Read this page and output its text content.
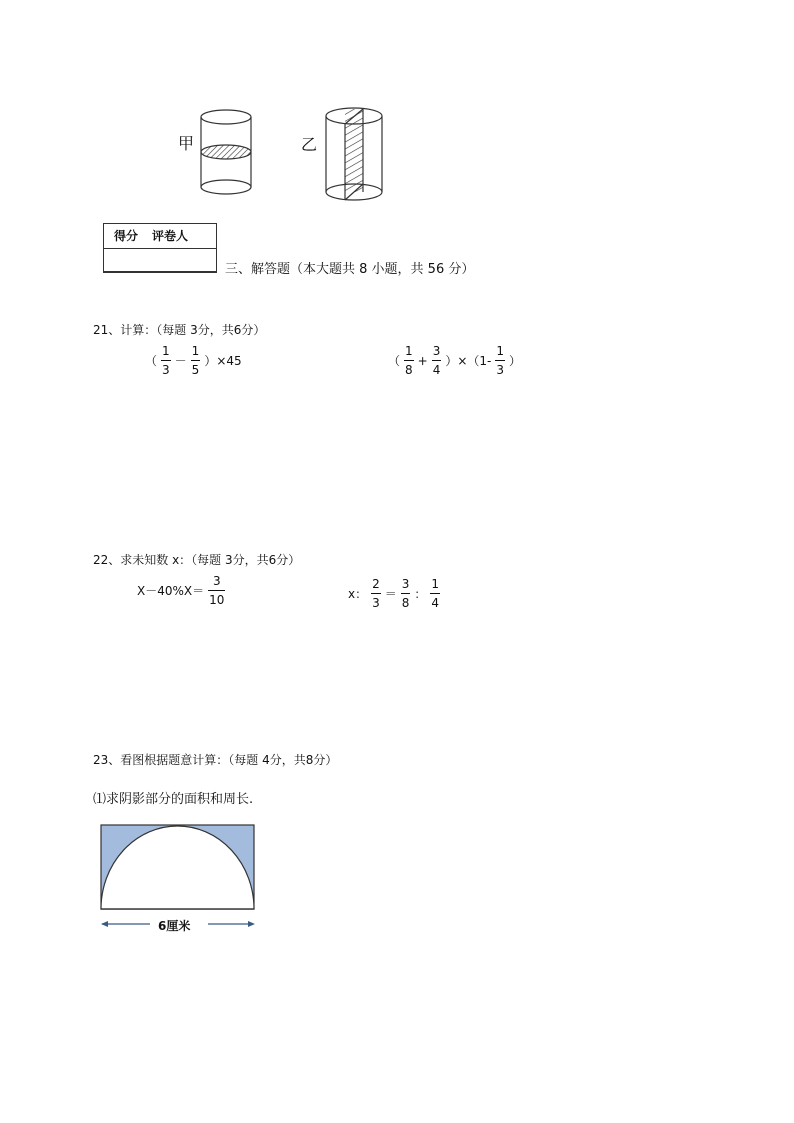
甲	乙
得分 评卷人
三、解答题（本大题共 8 小题，共 56 分）
21、计算：（每题 3分，共6分）
（ $\frac{1}{3} - \frac{1}{5} )\times 45$	（ $\frac{1}{8} + \frac{3}{4} )\times(1- \frac{1}{3}$ ）
22、求未知数 x：（每题 3分，共6分）
$X-40\%X= \frac{3}{10}$	x： $\frac{2}{3} = \frac{3}{8}$ ： $\frac{1}{4}$
23、看图根据题意计算：（每题 4分，共8分）
⑴求阴影部分的面积和周长.
6厘米
